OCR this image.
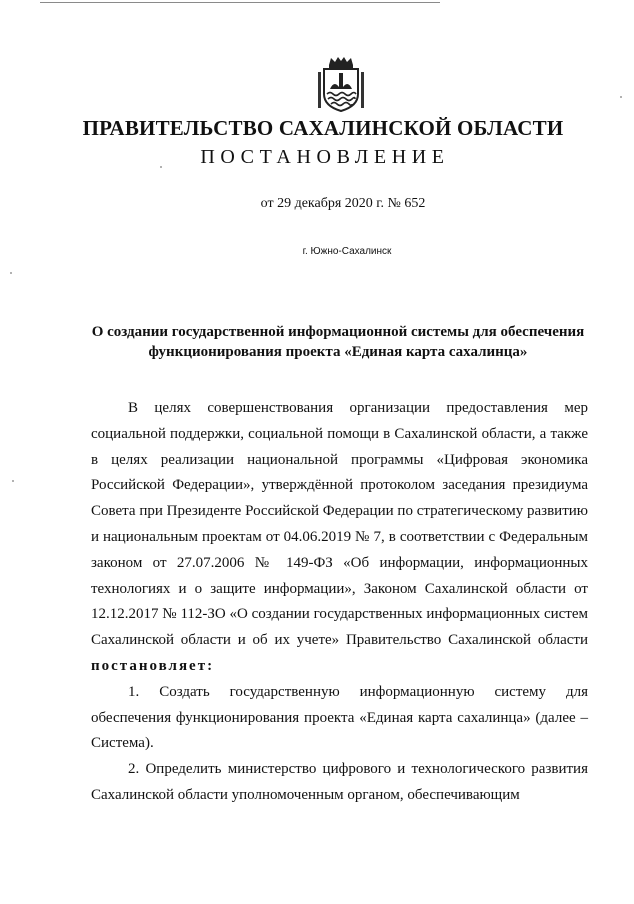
ПРАВИТЕЛЬСТВО САХАЛИНСКОЙ ОБЛАСТИ
ПОСТАНОВЛЕНИЕ
от 29 декабря 2020 г. № 652
г. Южно-Сахалинск
О создании государственной информационной системы для обеспечения
функционирования проекта «Единая карта сахалинца»

В целях совершенствования организации предоставления мер социальной поддержки, социальной помощи в Сахалинской области, а также в целях реализации национальной программы «Цифровая экономика Российской Федерации», утверждённой протоколом заседания президиума Совета при Президенте Российской Федерации по стратегическому развитию и национальным проектам от 04.06.2019 № 7, в соответствии с Федеральным законом от 27.07.2006 № 149-ФЗ «Об информации, информационных технологиях и о защите информации», Законом Сахалинской области от 12.12.2017 № 112-ЗО «О создании государственных информационных систем Сахалинской области и об их учете» Правительство Сахалинской области постановляет:

1. Создать государственную информационную систему для обеспечения функционирования проекта «Единая карта сахалинца» (далее – Система).

2. Определить министерство цифрового и технологического развития Сахалинской области уполномоченным органом, обеспечивающим
